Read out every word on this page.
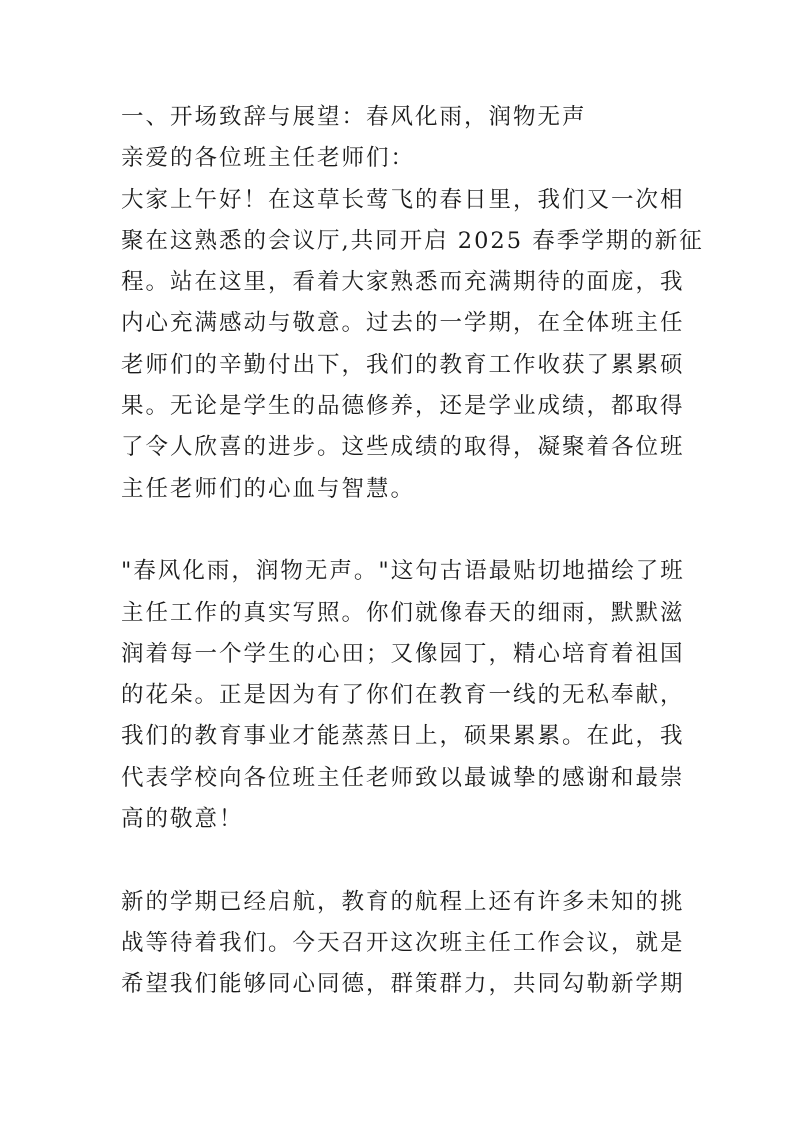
一、开场致辞与展望：春风化雨，润物无声
亲爱的各位班主任老师们：
大家上午好！在这草长莺飞的春日里，我们又一次相
聚在这熟悉的会议厅,共同开启 2025 春季学期的新征
程。站在这里，看着大家熟悉而充满期待的面庞，我
内心充满感动与敬意。过去的一学期，在全体班主任
老师们的辛勤付出下，我们的教育工作收获了累累硕
果。无论是学生的品德修养，还是学业成绩，都取得
了令人欣喜的进步。这些成绩的取得，凝聚着各位班
主任老师们的心血与智慧。
"春风化雨，润物无声。"这句古语最贴切地描绘了班
主任工作的真实写照。你们就像春天的细雨，默默滋
润着每一个学生的心田；又像园丁，精心培育着祖国
的花朵。正是因为有了你们在教育一线的无私奉献，
我们的教育事业才能蒸蒸日上，硕果累累。在此，我
代表学校向各位班主任老师致以最诚挚的感谢和最崇
高的敬意！
新的学期已经启航，教育的航程上还有许多未知的挑
战等待着我们。今天召开这次班主任工作会议，就是
希望我们能够同心同德，群策群力，共同勾勒新学期
